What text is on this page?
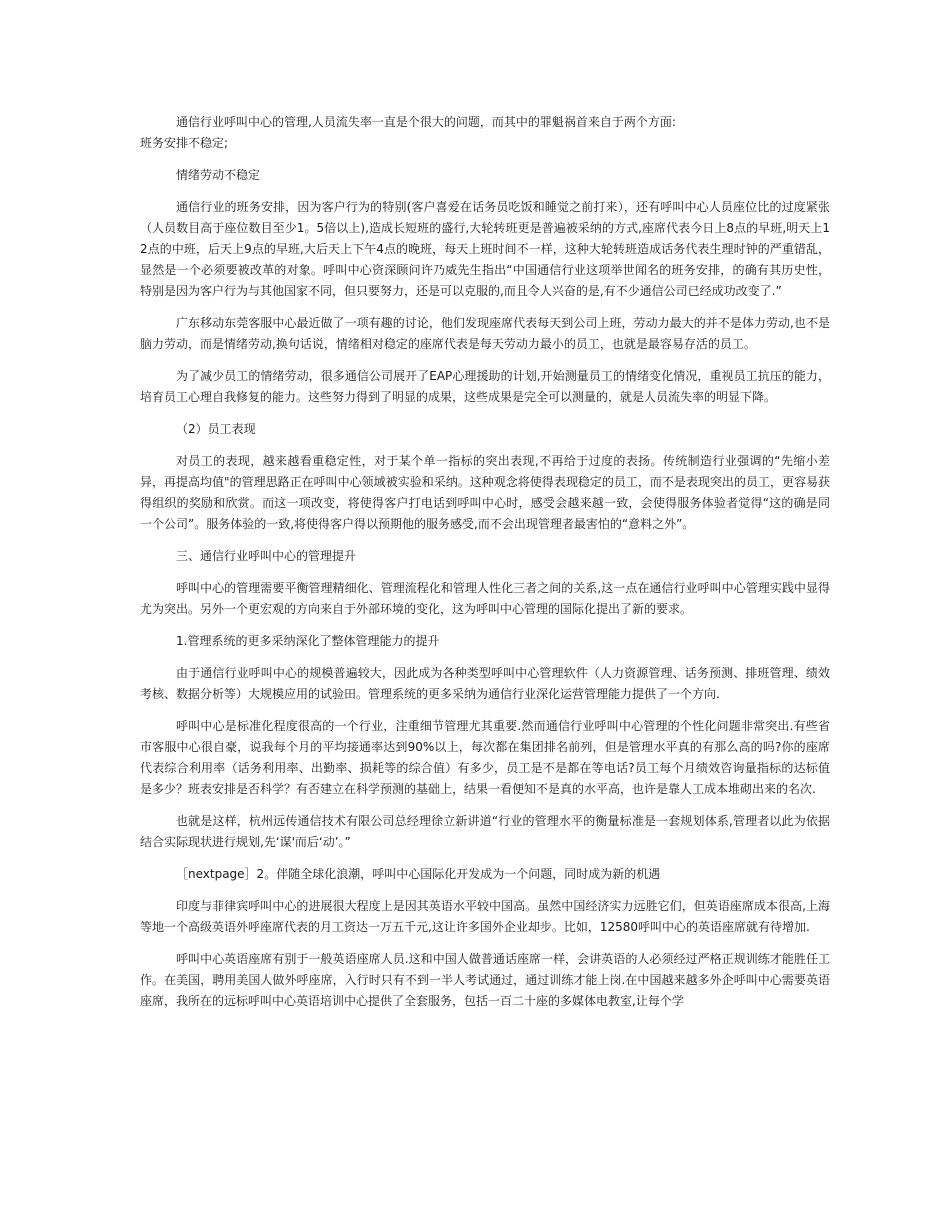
通信行业呼叫中心的管理,人员流失率一直是个很大的问题，而其中的罪魁祸首来自于两个方面:

班务安排不稳定;

情绪劳动不稳定

通信行业的班务安排，因为客户行为的特别(客户喜爱在话务员吃饭和睡觉之前打来），还有呼叫中心人员座位比的过度紧张（人员数目高于座位数目至少1。5倍以上),造成长短班的盛行,大轮转班更是普遍被采纳的方式,座席代表今日上8点的早班,明天上12点的中班，后天上9点的早班,大后天上下午4点的晚班，每天上班时间不一样，这种大轮转班造成话务代表生理时钟的严重错乱，显然是一个必须要被改革的对象。呼叫中心资深顾问许乃威先生指出“中国通信行业这项举世闻名的班务安排，的确有其历史性，特别是因为客户行为与其他国家不同，但只要努力，还是可以克服的,而且令人兴奋的是,有不少通信公司已经成功改变了.”

广东移动东莞客服中心最近做了一项有趣的讨论，他们发现座席代表每天到公司上班，劳动力最大的并不是体力劳动,也不是脑力劳动，而是情绪劳动,换句话说，情绪相对稳定的座席代表是每天劳动力最小的员工，也就是最容易存活的员工。

为了减少员工的情绪劳动，很多通信公司展开了EAP心理援助的计划,开始测量员工的情绪变化情况，重视员工抗压的能力，培育员工心理自我修复的能力。这些努力得到了明显的成果，这些成果是完全可以测量的，就是人员流失率的明显下降。

（2）员工表现

对员工的表现，越来越看重稳定性，对于某个单一指标的突出表现,不再给于过度的表扬。传统制造行业强调的“先缩小差异，再提高均值"的管理思路正在呼叫中心领域被实验和采纳。这种观念将使得表现稳定的员工，而不是表现突出的员工，更容易获得组织的奖励和欣赏。而这一项改变，将使得客户打电话到呼叫中心时，感受会越来越一致，会使得服务体验者觉得“这的确是同一个公司”。服务体验的一致,将使得客户得以预期他的服务感受,而不会出现管理者最害怕的“意料之外”。

三、通信行业呼叫中心的管理提升

呼叫中心的管理需要平衡管理精细化、管理流程化和管理人性化三者之间的关系,这一点在通信行业呼叫中心管理实践中显得尤为突出。另外一个更宏观的方向来自于外部环境的变化，这为呼叫中心管理的国际化提出了新的要求。

1.管理系统的更多采纳深化了整体管理能力的提升

由于通信行业呼叫中心的规模普遍较大，因此成为各种类型呼叫中心管理软件（人力资源管理、话务预测、排班管理、绩效考核、数据分析等）大规模应用的试验田。管理系统的更多采纳为通信行业深化运营管理能力提供了一个方向.

呼叫中心是标准化程度很高的一个行业，注重细节管理尤其重要.然而通信行业呼叫中心管理的个性化问题非常突出.有些省市客服中心很自豪，说我每个月的平均接通率达到90%以上，每次都在集团排名前列，但是管理水平真的有那么高的吗?你的座席代表综合利用率（话务利用率、出勤率、损耗等的综合值）有多少，员工是不是都在等电话?员工每个月绩效咨询量指标的达标值是多少？班表安排是否科学？有否建立在科学预测的基础上，结果一看便知不是真的水平高，也许是靠人工成本堆砌出来的名次.

也就是这样，杭州远传通信技术有限公司总经理徐立新讲道“行业的管理水平的衡量标准是一套规划体系,管理者以此为依据结合实际现状进行规划,先‘谋'而后‘动’。”

［nextpage］2。伴随全球化浪潮，呼叫中心国际化开发成为一个问题，同时成为新的机遇

印度与菲律宾呼叫中心的进展很大程度上是因其英语水平较中国高。虽然中国经济实力远胜它们，但英语座席成本很高,上海等地一个高级英语外呼座席代表的月工资达一万五千元,这让许多国外企业却步。比如，12580呼叫中心的英语座席就有待增加.

呼叫中心英语座席有别于一般英语座席人员.这和中国人做普通话座席一样，会讲英语的人必须经过严格正规训练才能胜任工作。在美国，聘用美国人做外呼座席，入行时只有不到一半人考试通过，通过训练才能上岗.在中国越来越多外企呼叫中心需要英语座席，我所在的远标呼叫中心英语培训中心提供了全套服务，包括一百二十座的多媒体电教室,让每个学
